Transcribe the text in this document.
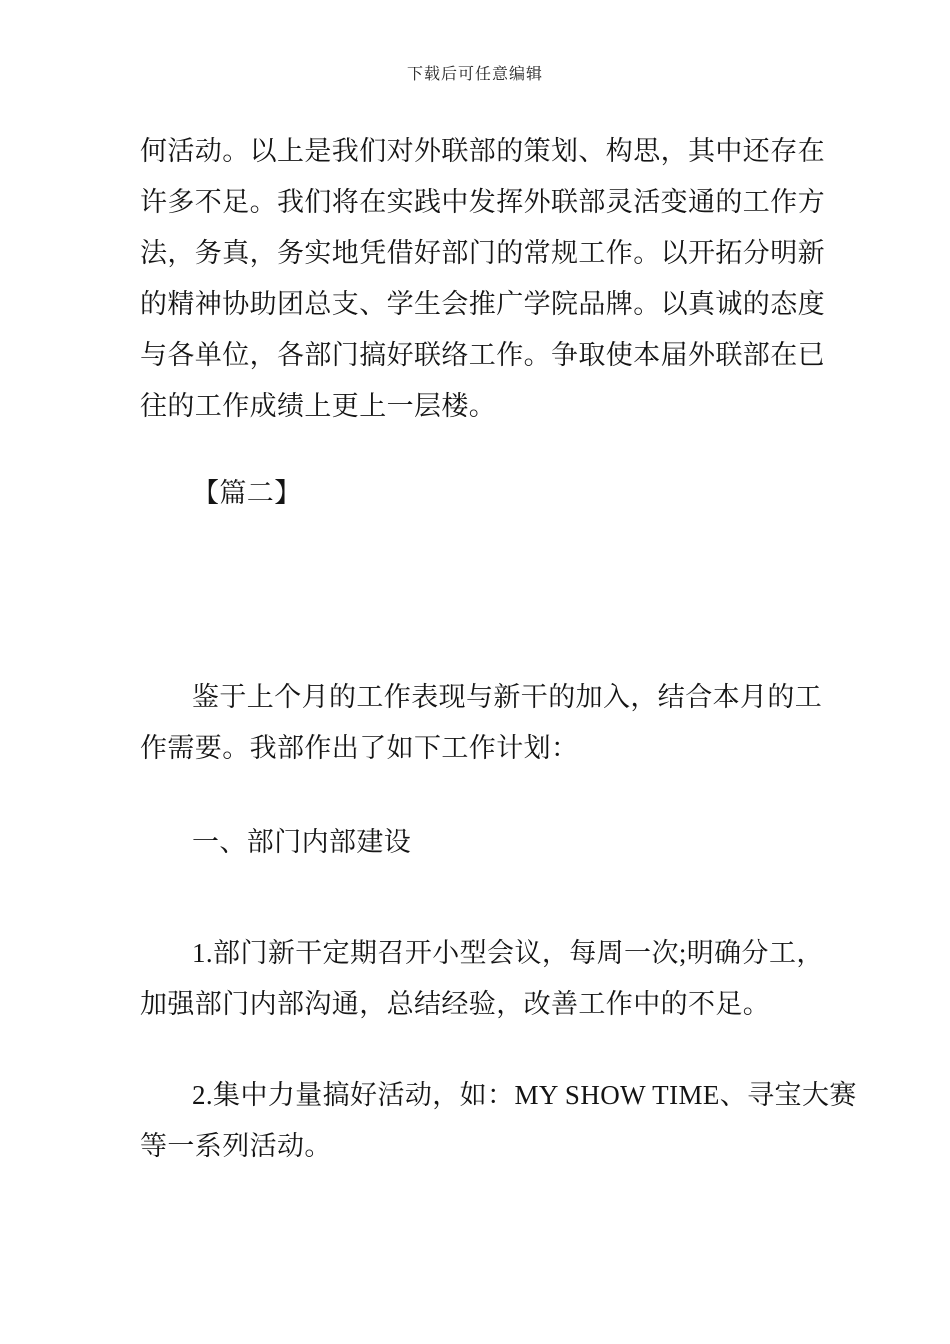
下载后可任意编辑
何活动。以上是我们对外联部的策划、构思，其中还存在
许多不足。我们将在实践中发挥外联部灵活变通的工作方
法，务真，务实地凭借好部门的常规工作。以开拓分明新
的精神协助团总支、学生会推广学院品牌。以真诚的态度
与各单位，各部门搞好联络工作。争取使本届外联部在已
往的工作成绩上更上一层楼。
【篇二】
鉴于上个月的工作表现与新干的加入，结合本月的工
作需要。我部作出了如下工作计划：
一、部门内部建设
1.部门新干定期召开小型会议，每周一次;明确分工，
加强部门内部沟通，总结经验，改善工作中的不足。
2.集中力量搞好活动，如：MY SHOW TIME、寻宝大赛
等一系列活动。
